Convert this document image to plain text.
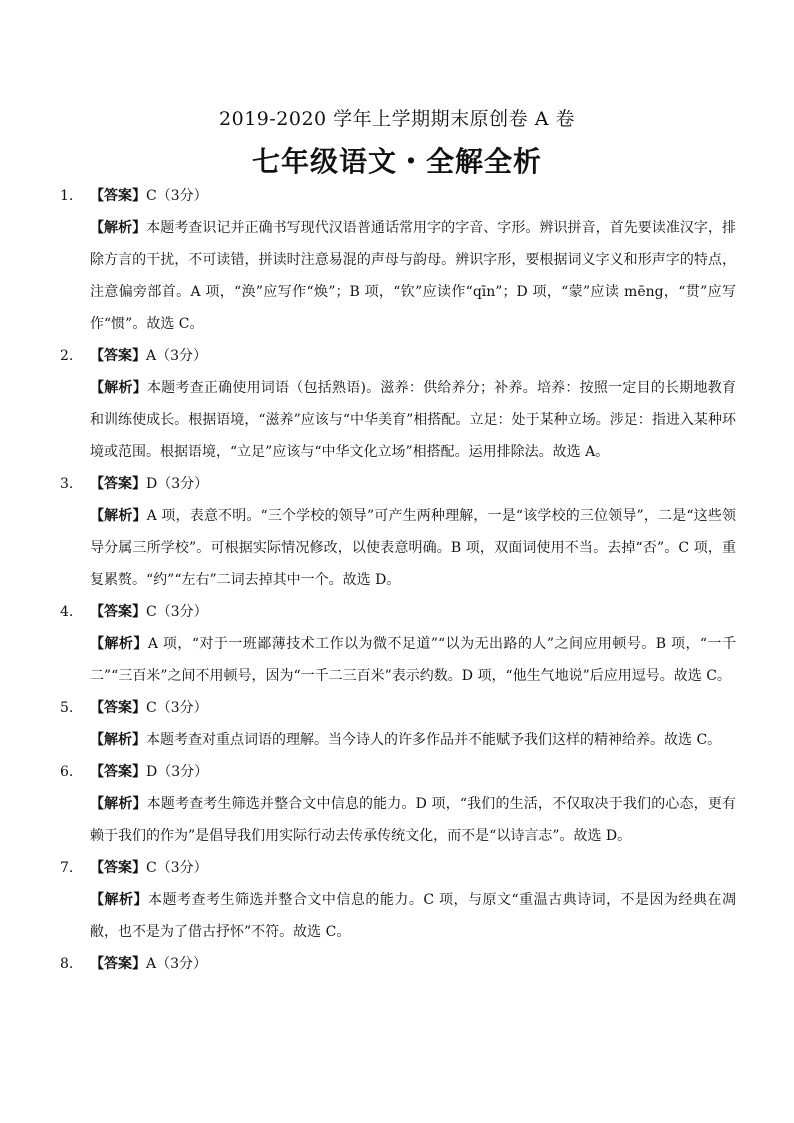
2019-2020 学年上学期期末原创卷 A 卷
七年级语文・全解全析

1. 【答案】C（3分）

【解析】本题考查识记并正确书写现代汉语普通话常用字的字音、字形。辨识拼音，首先要读准汉字，排除方言的干扰，不可读错，拼读时注意易混的声母与韵母。辨识字形，要根据词义字义和形声字的特点，注意偏旁部首。A 项，“涣”应写作“焕”；B 项，“钦”应读作“qīn”；D 项，“蒙”应读 mēng，“贯”应写作“惯”。故选 C。

2. 【答案】A（3分）

【解析】本题考查正确使用词语（包括熟语)。滋养：供给养分；补养。培养：按照一定目的长期地教育和训练使成长。根据语境，“滋养”应该与“中华美育”相搭配。立足：处于某种立场。涉足：指进入某种环境或范围。根据语境，“立足”应该与“中华文化立场”相搭配。运用排除法。故选 A。

3. 【答案】D（3分）

【解析】A 项，表意不明。“三个学校的领导”可产生两种理解，一是“该学校的三位领导”，二是“这些领导分属三所学校”。可根据实际情况修改，以使表意明确。B 项，双面词使用不当。去掉“否”。C 项，重复累赘。“约”“左右”二词去掉其中一个。故选 D。

4. 【答案】C（3分）

【解析】A 项，“对于一班鄙薄技术工作以为微不足道”“以为无出路的人”之间应用顿号。B 项，“一千二”“三百米”之间不用顿号，因为“一千二三百米”表示约数。D 项，“他生气地说”后应用逗号。故选 C。

5. 【答案】C（3分）

【解析】本题考查对重点词语的理解。当今诗人的许多作品并不能赋予我们这样的精神给养。故选 C。

6. 【答案】D（3分）

【解析】本题考查考生筛选并整合文中信息的能力。D 项，“我们的生活，不仅取决于我们的心态，更有赖于我们的作为”是倡导我们用实际行动去传承传统文化，而不是“以诗言志”。故选 D。

7. 【答案】C（3分）

【解析】本题考查考生筛选并整合文中信息的能力。C 项，与原文“重温古典诗词，不是因为经典在凋敝，也不是为了借古抒怀”不符。故选 C。

8. 【答案】A（3分）
